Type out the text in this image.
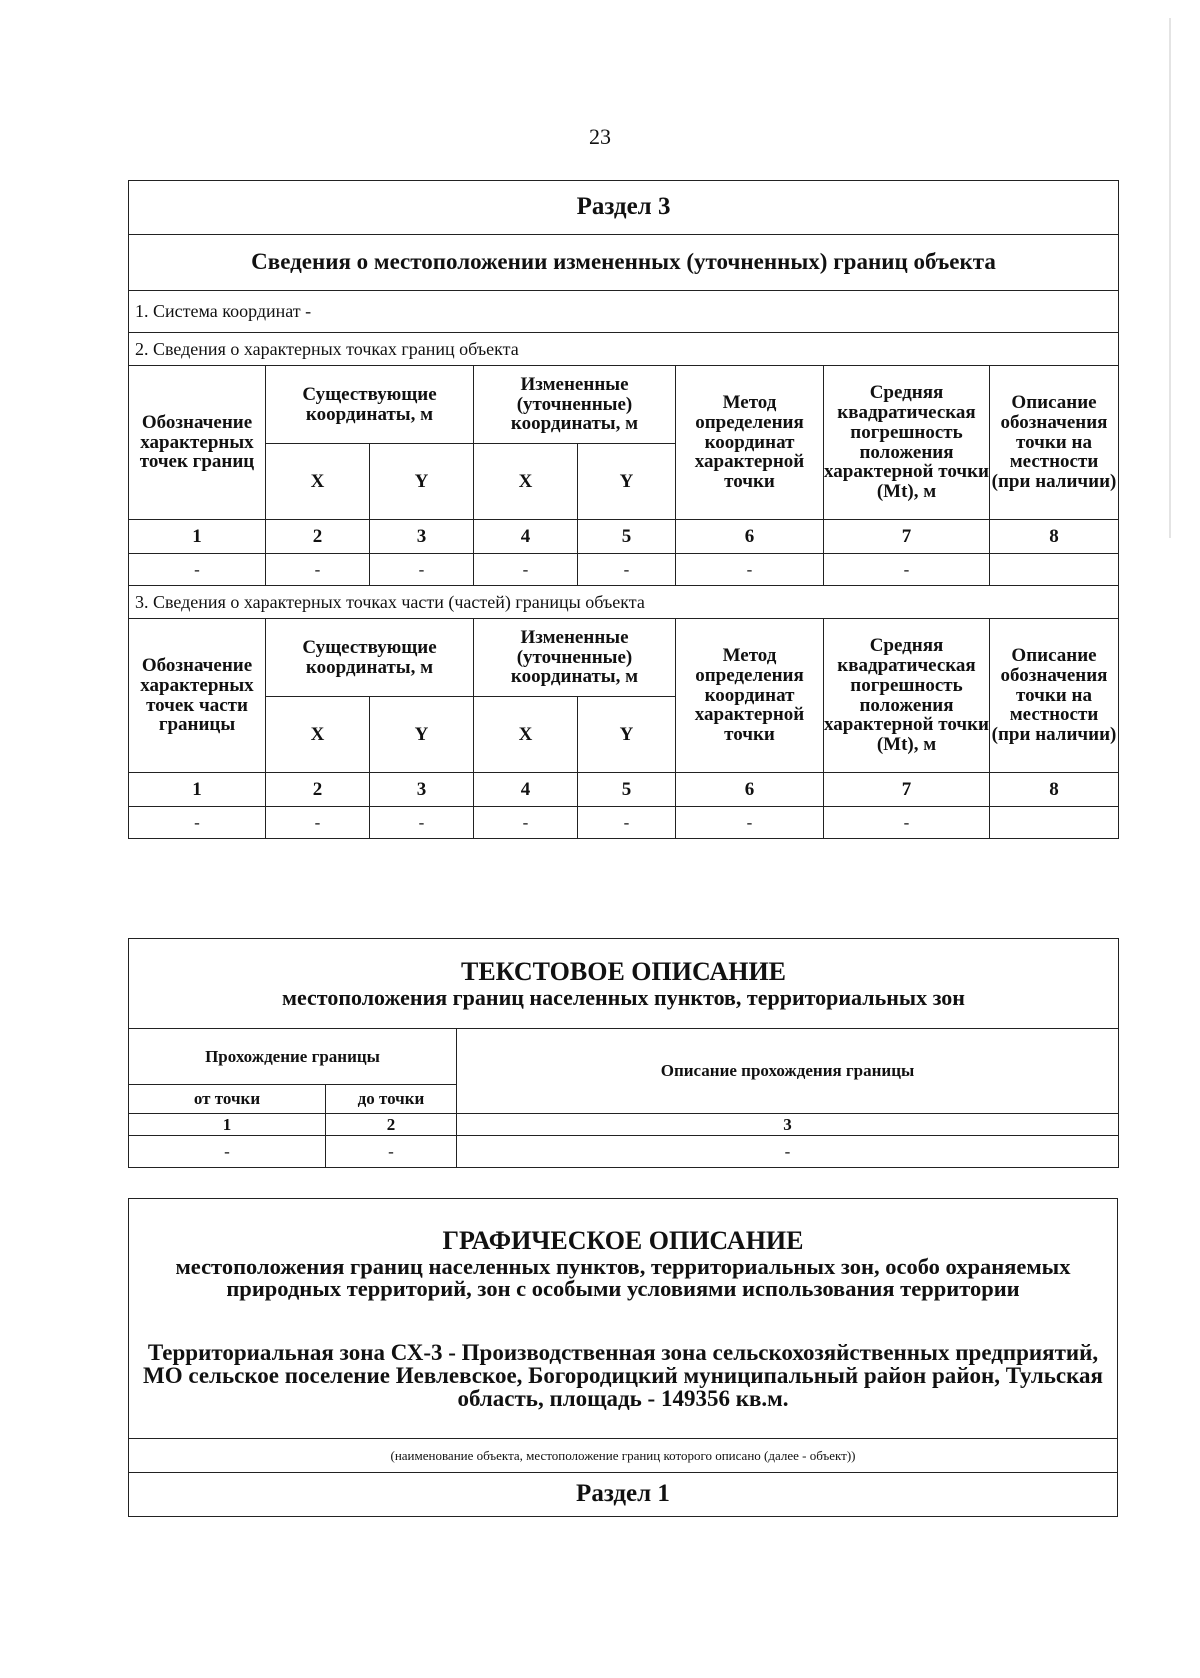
23
Раздел 3							
Сведения о местоположении измененных (уточненных) границ объекта							
1. Система координат -							
2. Сведения о характерных точках границ объекта							
Обозначение характерных точек границ	Существующие координаты, м		Измененные (уточненные) координаты, м		Метод определения координат характерной точки	Средняя квадратическая погрешность положения характерной точки (Mt), м	Описание обозначения точки на местности (при наличии)
	X	Y	X	Y			
1	2	3	4	5	6	7	8
-	-	-	-	-	-	-	
3. Сведения о характерных точках части (частей) границы объекта							
Обозначение характерных точек части границы	Существующие координаты, м		Измененные (уточненные) координаты, м		Метод определения координат характерной точки	Средняя квадратическая погрешность положения характерной точки (Mt), м	Описание обозначения точки на местности (при наличии)
	X	Y	X	Y			
1	2	3	4	5	6	7	8
-	-	-	-	-	-	-	
ТЕКСТОВОЕ ОПИСАНИЕ
местоположения границ населенных пунктов, территориальных зон		

Прохождение границы		Описание прохождения границы
от точки	до точки	
1	2	3
-	-	-
ГРАФИЧЕСКОЕ ОПИСАНИЕ
местоположения границ населенных пунктов, территориальных зон, особо охраняемых природных территорий, зон с особыми условиями использования территории
Территориальная зона СХ-3 - Производственная зона сельскохозяйственных предприятий, МО сельское поселение Иевлевское, Богородицкий муниципальный район район, Тульская область, площадь - 149356 кв.м.

(наименование объекта, местоположение границ которого описано (далее - объект))
Раздел 1
